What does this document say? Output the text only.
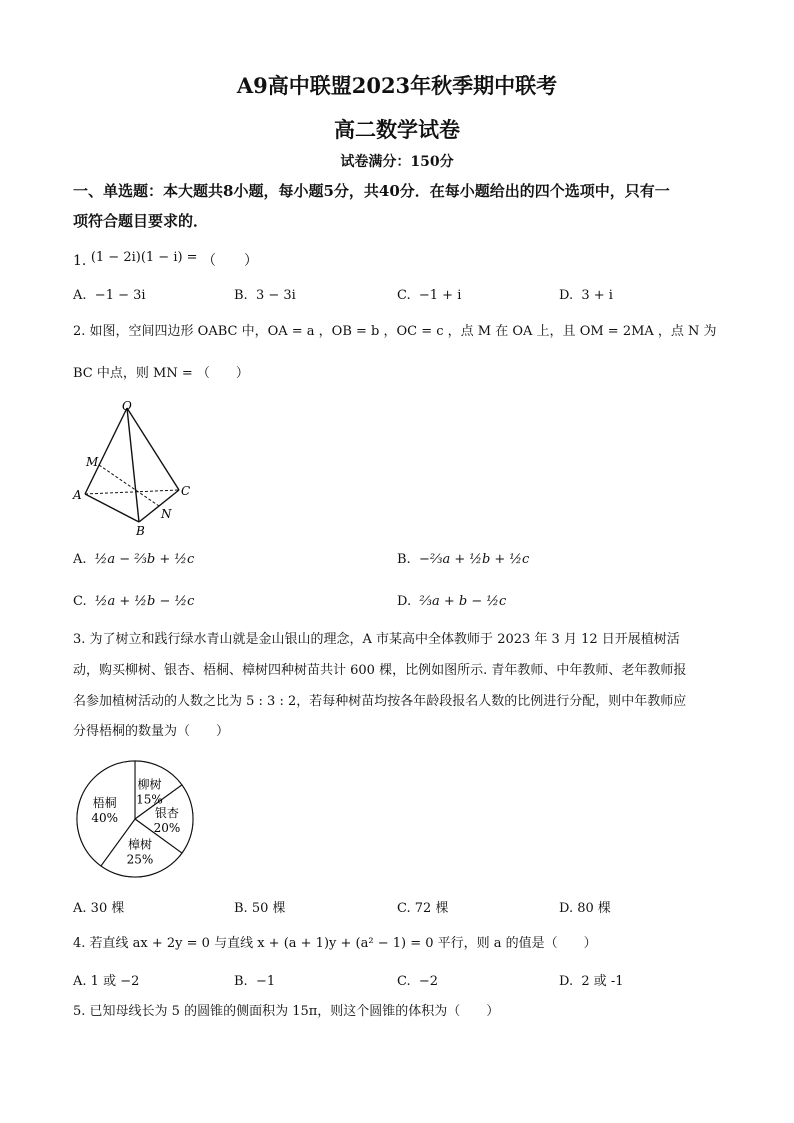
A9高中联盟2023年秋季期中联考
高二数学试卷
试卷满分：150分
一、单选题：本大题共8小题，每小题5分，共40分．在每小题给出的四个选项中，只有一
项符合题目要求的．
1. (1 − 2i)(1 − i) = （　　）
A. −1 − 3i	B. 3 − 3i	C. −1 + i	D. 3 + i
2. 如图，空间四边形 OABC 中，OA = a ，OB = b ，OC = c ，点 M 在 OA 上，且 OM = 2MA ，点 N 为
BC 中点，则 MN = （　　）
O
M
A
B
C
N
A. ½a − ⅔b + ½c	B. −⅔a + ½b + ½c
C. ½a + ½b − ½c	D. ⅔a + b − ½c
3. 为了树立和践行绿水青山就是金山银山的理念，A 市某高中全体教师于 2023 年 3 月 12 日开展植树活
动，购买柳树、银杏、梧桐、樟树四种树苗共计 600 棵，比例如图所示. 青年教师、中年教师、老年教师报
名参加植树活动的人数之比为 5 : 3 : 2，若每种树苗均按各年龄段报名人数的比例进行分配，则中年教师应
分得梧桐的数量为（　　）
柳树
15%
银杏
20%
樟树
25%
梧桐
40%
A. 30 棵	B. 50 棵	C. 72 棵	D. 80 棵
4. 若直线 ax + 2y = 0 与直线 x + (a + 1)y + (a² − 1) = 0 平行，则 a 的值是（　　）
A. 1 或 −2	B. −1	C. −2	D. 2 或 -1
5. 已知母线长为 5 的圆锥的侧面积为 15π，则这个圆锥的体积为（　　）
